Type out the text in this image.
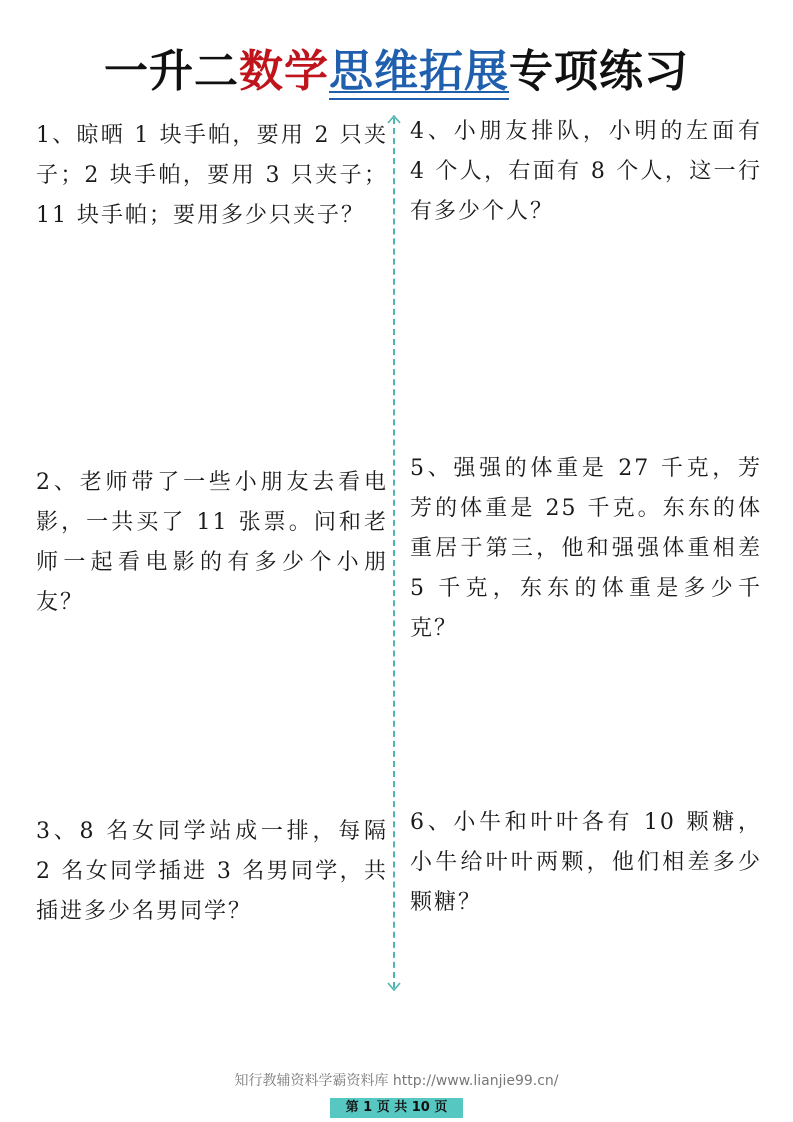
一升二数学思维拓展专项练习
1、晾晒 1 块手帕，要用 2 只夹子；2 块手帕，要用 3 只夹子；11 块手帕；要用多少只夹子？
2、老师带了一些小朋友去看电影，一共买了 11 张票。问和老师一起看电影的有多少个小朋友？
3、8 名女同学站成一排，每隔 2 名女同学插进 3 名男同学，共插进多少名男同学？
4、小朋友排队，小明的左面有 4 个人，右面有 8 个人，这一行有多少个人？
5、强强的体重是 27 千克，芳芳的体重是 25 千克。东东的体重居于第三，他和强强体重相差 5 千克，东东的体重是多少千克？
6、小牛和叶叶各有 10 颗糖，小牛给叶叶两颗，他们相差多少颗糖？
知行教辅资料学霸资料库 http://www.lianjie99.cn/
第 1 页 共 10 页
